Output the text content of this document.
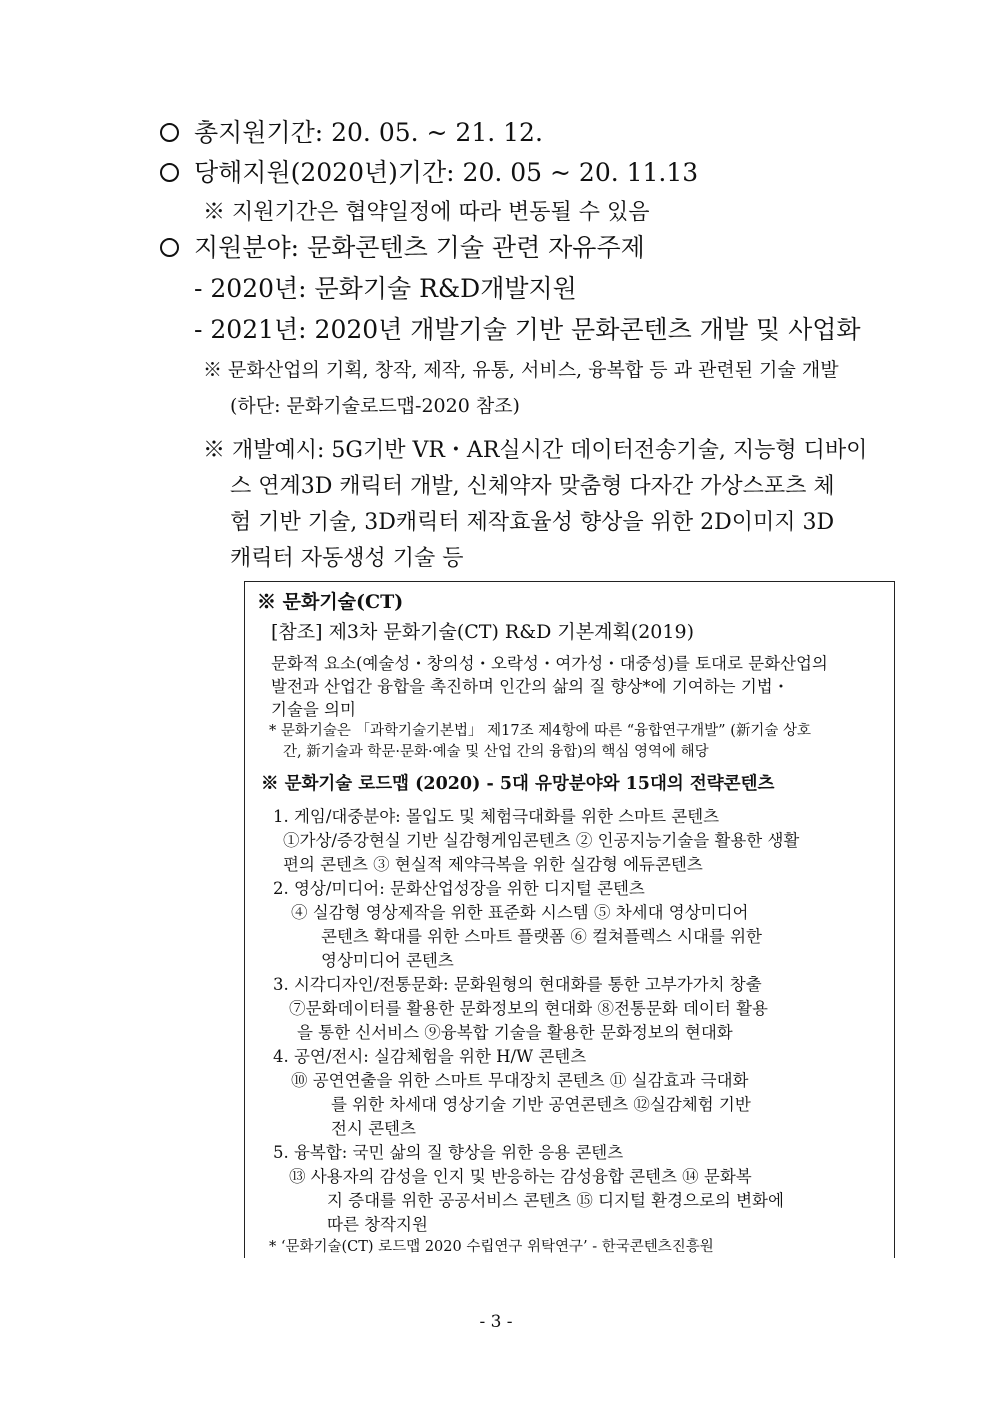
총지원기간: 20. 05. ~ 21. 12.
당해지원(2020년)기간: 20. 05 ~ 20. 11.13
※ 지원기간은 협약일정에 따라 변동될 수 있음
지원분야: 문화콘텐츠 기술 관련 자유주제
- 2020년: 문화기술 R&D개발지원
- 2021년: 2020년 개발기술 기반 문화콘텐츠 개발 및 사업화
※ 문화산업의 기획, 창작, 제작, 유통, 서비스, 융복합 등 과 관련된 기술 개발
(하단: 문화기술로드맵-2020 참조)
※ 개발예시: 5G기반 VR・AR실시간 데이터전송기술, 지능형 디바이
스 연계3D 캐릭터 개발, 신체약자 맞춤형 다자간 가상스포츠 체
험 기반 기술, 3D캐릭터 제작효율성 향상을 위한 2D이미지 3D
캐릭터 자동생성 기술 등
※ 문화기술(CT)
[참조] 제3차 문화기술(CT) R&D 기본계획(2019)
문화적 요소(예술성・창의성・오락성・여가성・대중성)를 토대로 문화산업의
발전과 산업간 융합을 촉진하며 인간의 삶의 질 향상*에 기여하는 기법・
기술을 의미
* 문화기술은 「과학기술기본법」 제17조 제4항에 따른 “융합연구개발” (新기술 상호
간, 新기술과 학문·문화·예술 및 산업 간의 융합)의 핵심 영역에 해당
※ 문화기술 로드맵 (2020) - 5대 유망분야와 15대의 전략콘텐츠
1. 게임/대중분야: 몰입도 및 체험극대화를 위한 스마트 콘텐츠
①가상/증강현실 기반 실감형게임콘텐츠 ② 인공지능기술을 활용한 생활
편의 콘텐츠 ③ 현실적 제약극복을 위한 실감형 에듀콘텐츠
2. 영상/미디어: 문화산업성장을 위한 디지털 콘텐츠
④ 실감형 영상제작을 위한 표준화 시스템 ⑤ 차세대 영상미디어
콘텐츠 확대를 위한 스마트 플랫폼 ⑥ 컬쳐플렉스 시대를 위한
영상미디어 콘텐츠
3. 시각디자인/전통문화: 문화원형의 현대화를 통한 고부가가치 창출
⑦문화데이터를 활용한 문화정보의 현대화 ⑧전통문화 데이터 활용
을 통한 신서비스 ⑨융복합 기술을 활용한 문화정보의 현대화
4. 공연/전시: 실감체험을 위한 H/W 콘텐츠
⑩ 공연연출을 위한 스마트 무대장치 콘텐츠 ⑪ 실감효과 극대화
를 위한 차세대 영상기술 기반 공연콘텐츠 ⑫실감체험 기반
전시 콘텐츠
5. 융복합: 국민 삶의 질 향상을 위한 응용 콘텐츠
⑬ 사용자의 감성을 인지 및 반응하는 감성융합 콘텐츠 ⑭ 문화복
지 증대를 위한 공공서비스 콘텐츠 ⑮ 디지털 환경으로의 변화에
따른 창작지원
* ‘문화기술(CT) 로드맵 2020 수립연구 위탁연구’ - 한국콘텐츠진흥원
- 3 -
